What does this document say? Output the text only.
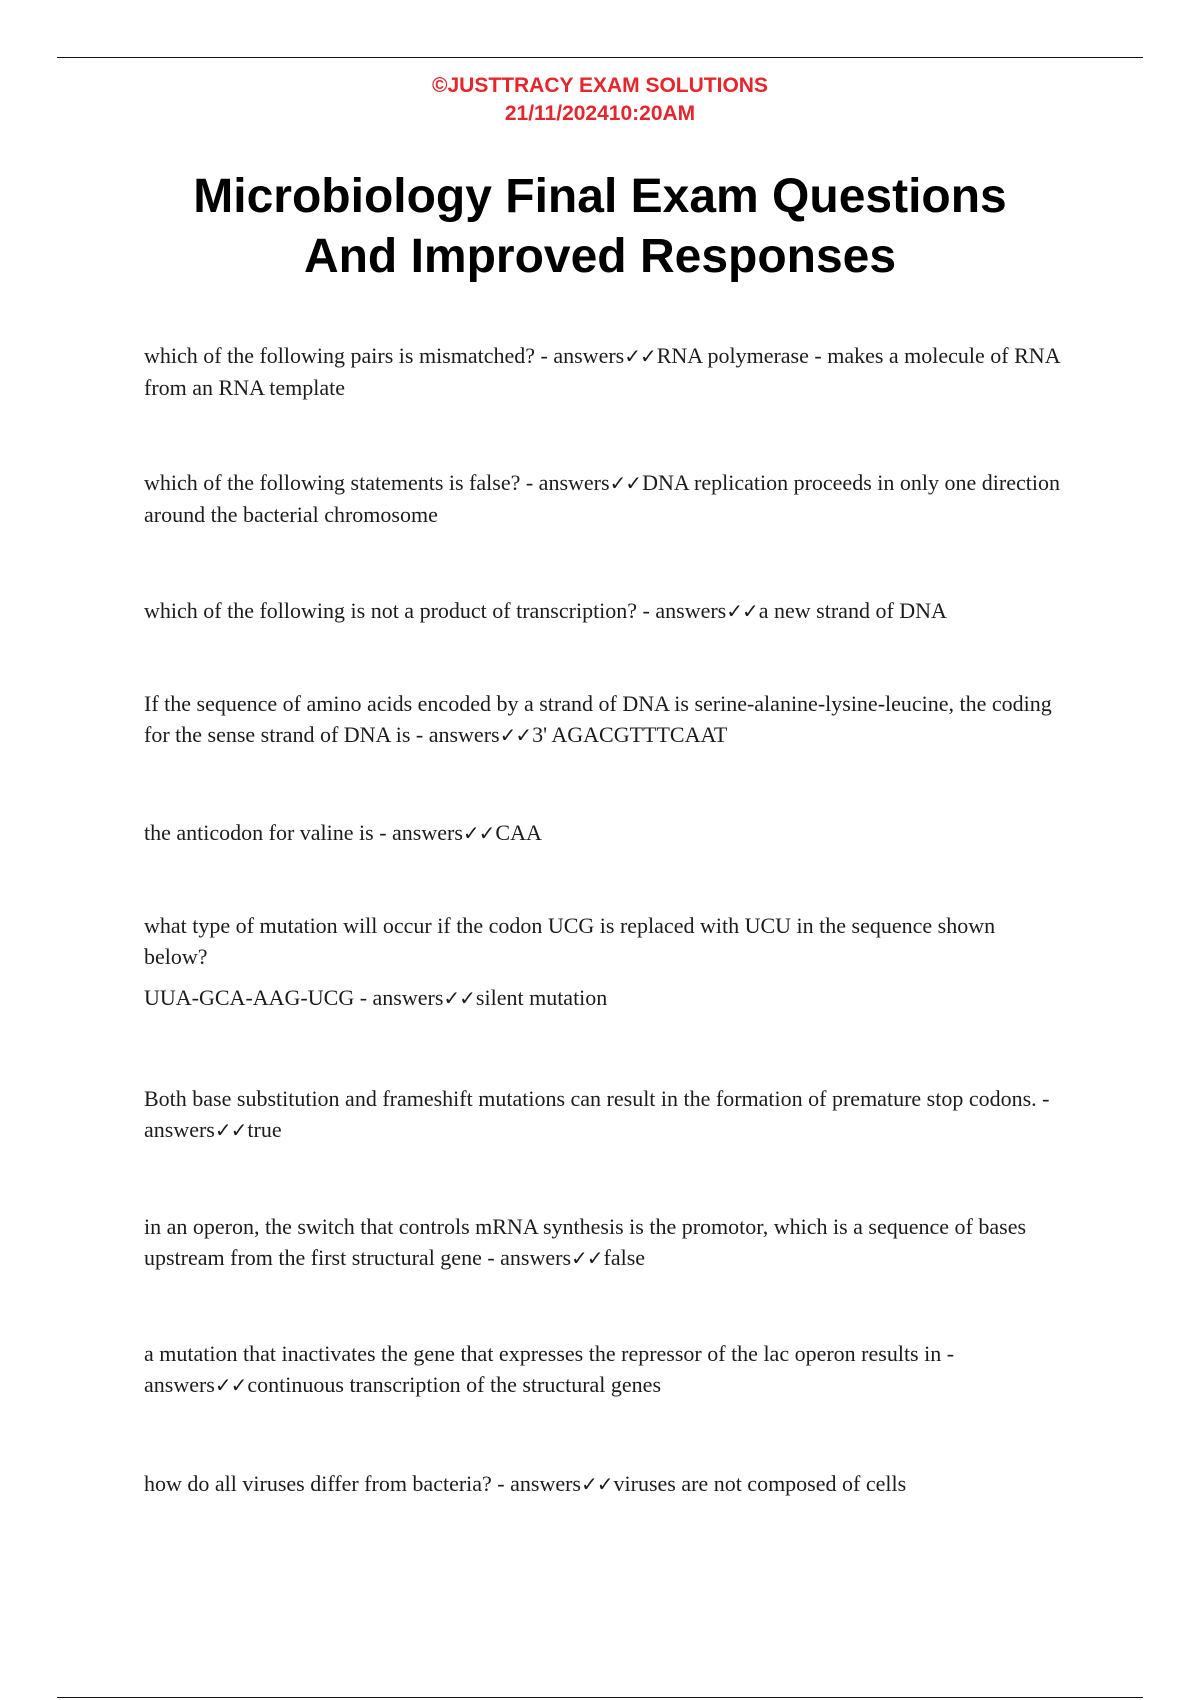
©JUSTTRACY EXAM SOLUTIONS
21/11/202410:20AM
Microbiology Final Exam Questions
And Improved Responses

which of the following pairs is mismatched? - answers✓✓RNA polymerase - makes a molecule of RNA from an RNA template

which of the following statements is false? - answers✓✓DNA replication proceeds in only one direction around the bacterial chromosome

which of the following is not a product of transcription? - answers✓✓a new strand of DNA

If the sequence of amino acids encoded by a strand of DNA is serine-alanine-lysine-leucine, the coding for the sense strand of DNA is - answers✓✓3' AGACGTTTCAAT

the anticodon for valine is - answers✓✓CAA

what type of mutation will occur if the codon UCG is replaced with UCU in the sequence shown below?

UUA-GCA-AAG-UCG - answers✓✓silent mutation

Both base substitution and frameshift mutations can result in the formation of premature stop codons. - answers✓✓true

in an operon, the switch that controls mRNA synthesis is the promotor, which is a sequence of bases upstream from the first structural gene - answers✓✓false

a mutation that inactivates the gene that expresses the repressor of the lac operon results in - answers✓✓continuous transcription of the structural genes

how do all viruses differ from bacteria? - answers✓✓viruses are not composed of cells
